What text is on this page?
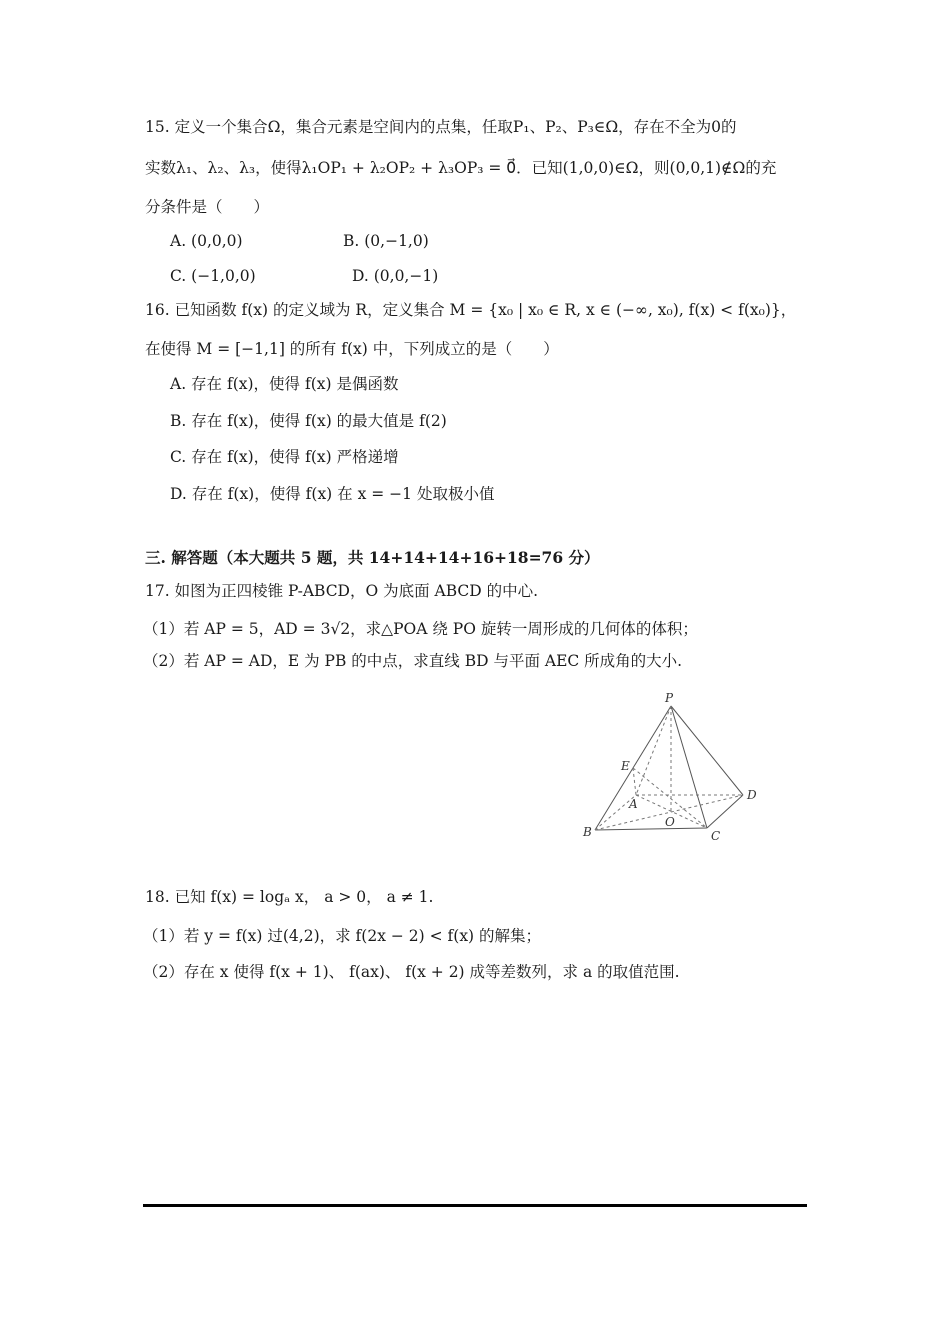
15. 定义一个集合Ω，集合元素是空间内的点集，任取P₁、P₂、P₃∈Ω，存在不全为0的
实数λ₁、λ₂、λ₃，使得λ₁OP₁ + λ₂OP₂ + λ₃OP₃ = 0⃗．已知(1,0,0)∈Ω，则(0,0,1)∉Ω的充
分条件是（　　）
A. (0,0,0)	B. (0,−1,0)
C. (−1,0,0)	D. (0,0,−1)
16. 已知函数 f(x) 的定义域为 R，定义集合 M = {x₀ | x₀ ∈ R, x ∈ (−∞, x₀), f(x) < f(x₀)}，
在使得 M = [−1,1] 的所有 f(x) 中，下列成立的是（　　）
A. 存在 f(x)，使得 f(x) 是偶函数
B. 存在 f(x)，使得 f(x) 的最大值是 f(2)
C. 存在 f(x)，使得 f(x) 严格递增
D. 存在 f(x)，使得 f(x) 在 x = −1 处取极小值
三. 解答题（本大题共 5 题，共 14+14+14+16+18=76 分）
17. 如图为正四棱锥 P-ABCD，O 为底面 ABCD 的中心.
（1）若 AP = 5，AD = 3√2，求△POA 绕 PO 旋转一周形成的几何体的体积；
（2）若 AP = AD，E 为 PB 的中点，求直线 BD 与平面 AEC 所成角的大小.
P
E
A
D
O
B	C
18. 已知 f(x) = logₐ x， a > 0， a ≠ 1.
（1）若 y = f(x) 过(4,2)，求 f(2x − 2) < f(x) 的解集；
（2）存在 x 使得 f(x + 1)、 f(ax)、 f(x + 2) 成等差数列，求 a 的取值范围.
